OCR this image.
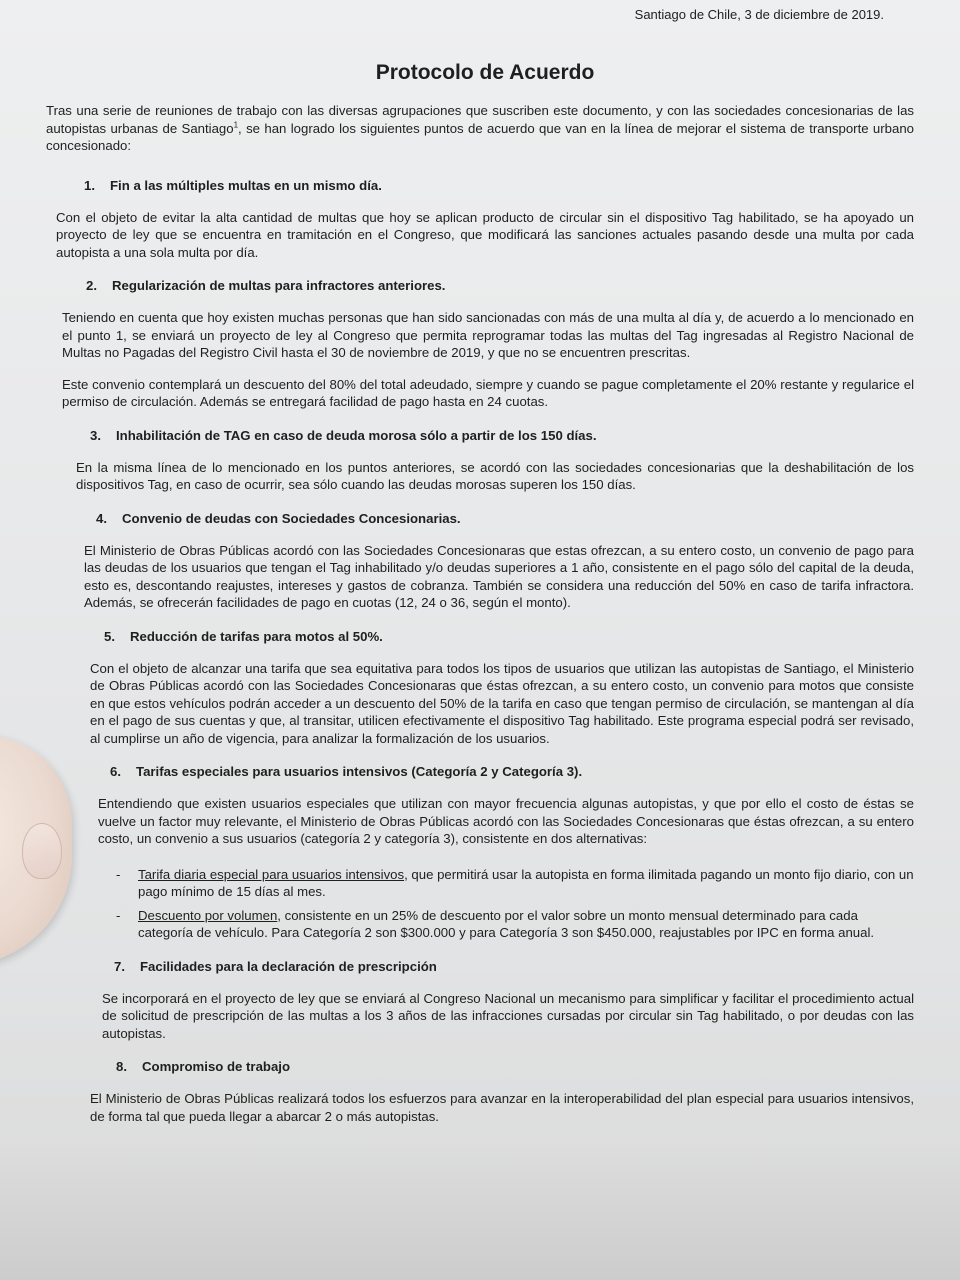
Santiago de Chile, 3 de diciembre de 2019.
Protocolo de Acuerdo

Tras una serie de reuniones de trabajo con las diversas agrupaciones que suscriben este documento, y con las sociedades concesionarias de las autopistas urbanas de Santiago$^1$, se han logrado los siguientes puntos de acuerdo que van en la línea de mejorar el sistema de transporte urbano concesionado:

1.	Fin a las múltiples multas en un mismo día.

Con el objeto de evitar la alta cantidad de multas que hoy se aplican producto de circular sin el dispositivo Tag habilitado, se ha apoyado un proyecto de ley que se encuentra en tramitación en el Congreso, que modificará las sanciones actuales pasando desde una multa por cada autopista a una sola multa por día.

2.	Regularización de multas para infractores anteriores.

Teniendo en cuenta que hoy existen muchas personas que han sido sancionadas con más de una multa al día y, de acuerdo a lo mencionado en el punto 1, se enviará un proyecto de ley al Congreso que permita reprogramar todas las multas del Tag ingresadas al Registro Nacional de Multas no Pagadas del Registro Civil hasta el 30 de noviembre de 2019, y que no se encuentren prescritas.

Este convenio contemplará un descuento del 80% del total adeudado, siempre y cuando se pague completamente el 20% restante y regularice el permiso de circulación. Además se entregará facilidad de pago hasta en 24 cuotas.

3.	Inhabilitación de TAG en caso de deuda morosa sólo a partir de los 150 días.

En la misma línea de lo mencionado en los puntos anteriores, se acordó con las sociedades concesionarias que la deshabilitación de los dispositivos Tag, en caso de ocurrir, sea sólo cuando las deudas morosas superen los 150 días.

4.	Convenio de deudas con Sociedades Concesionarias.

El Ministerio de Obras Públicas acordó con las Sociedades Concesionaras que estas ofrezcan, a su entero costo, un convenio de pago para las deudas de los usuarios que tengan el Tag inhabilitado y/o deudas superiores a 1 año, consistente en el pago sólo del capital de la deuda, esto es, descontando reajustes, intereses y gastos de cobranza. También se considera una reducción del 50% en caso de tarifa infractora. Además, se ofrecerán facilidades de pago en cuotas (12, 24 o 36, según el monto).

5.	Reducción de tarifas para motos al 50%.

Con el objeto de alcanzar una tarifa que sea equitativa para todos los tipos de usuarios que utilizan las autopistas de Santiago, el Ministerio de Obras Públicas acordó con las Sociedades Concesionaras que éstas ofrezcan, a su entero costo, un convenio para motos que consiste en que estos vehículos podrán acceder a un descuento del 50% de la tarifa en caso que tengan permiso de circulación, se mantengan al día en el pago de sus cuentas y que, al transitar, utilicen efectivamente el dispositivo Tag habilitado. Este programa especial podrá ser revisado, al cumplirse un año de vigencia, para analizar la formalización de los usuarios.

6.	Tarifas especiales para usuarios intensivos (Categoría 2 y Categoría 3).

Entendiendo que existen usuarios especiales que utilizan con mayor frecuencia algunas autopistas, y que por ello el costo de éstas se vuelve un factor muy relevante, el Ministerio de Obras Públicas acordó con las Sociedades Concesionaras que éstas ofrezcan, a su entero costo, un convenio a sus usuarios (categoría 2 y categoría 3), consistente en dos alternativas:

-	Tarifa diaria especial para usuarios intensivos, que permitirá usar la autopista en forma ilimitada pagando un monto fijo diario, con un pago mínimo de 15 días al mes.
-	Descuento por volumen, consistente en un 25% de descuento por el valor sobre un monto mensual determinado para cada categoría de vehículo. Para Categoría 2 son $300.000 y para Categoría 3 son $450.000, reajustables por IPC en forma anual.
7.	Facilidades para la declaración de prescripción

Se incorporará en el proyecto de ley que se enviará al Congreso Nacional un mecanismo para simplificar y facilitar el procedimiento actual de solicitud de prescripción de las multas a los 3 años de las infracciones cursadas por circular sin Tag habilitado, o por deudas con las autopistas.

8.	Compromiso de trabajo

El Ministerio de Obras Públicas realizará todos los esfuerzos para avanzar en la interoperabilidad del plan especial para usuarios intensivos, de forma tal que pueda llegar a abarcar 2 o más autopistas.
